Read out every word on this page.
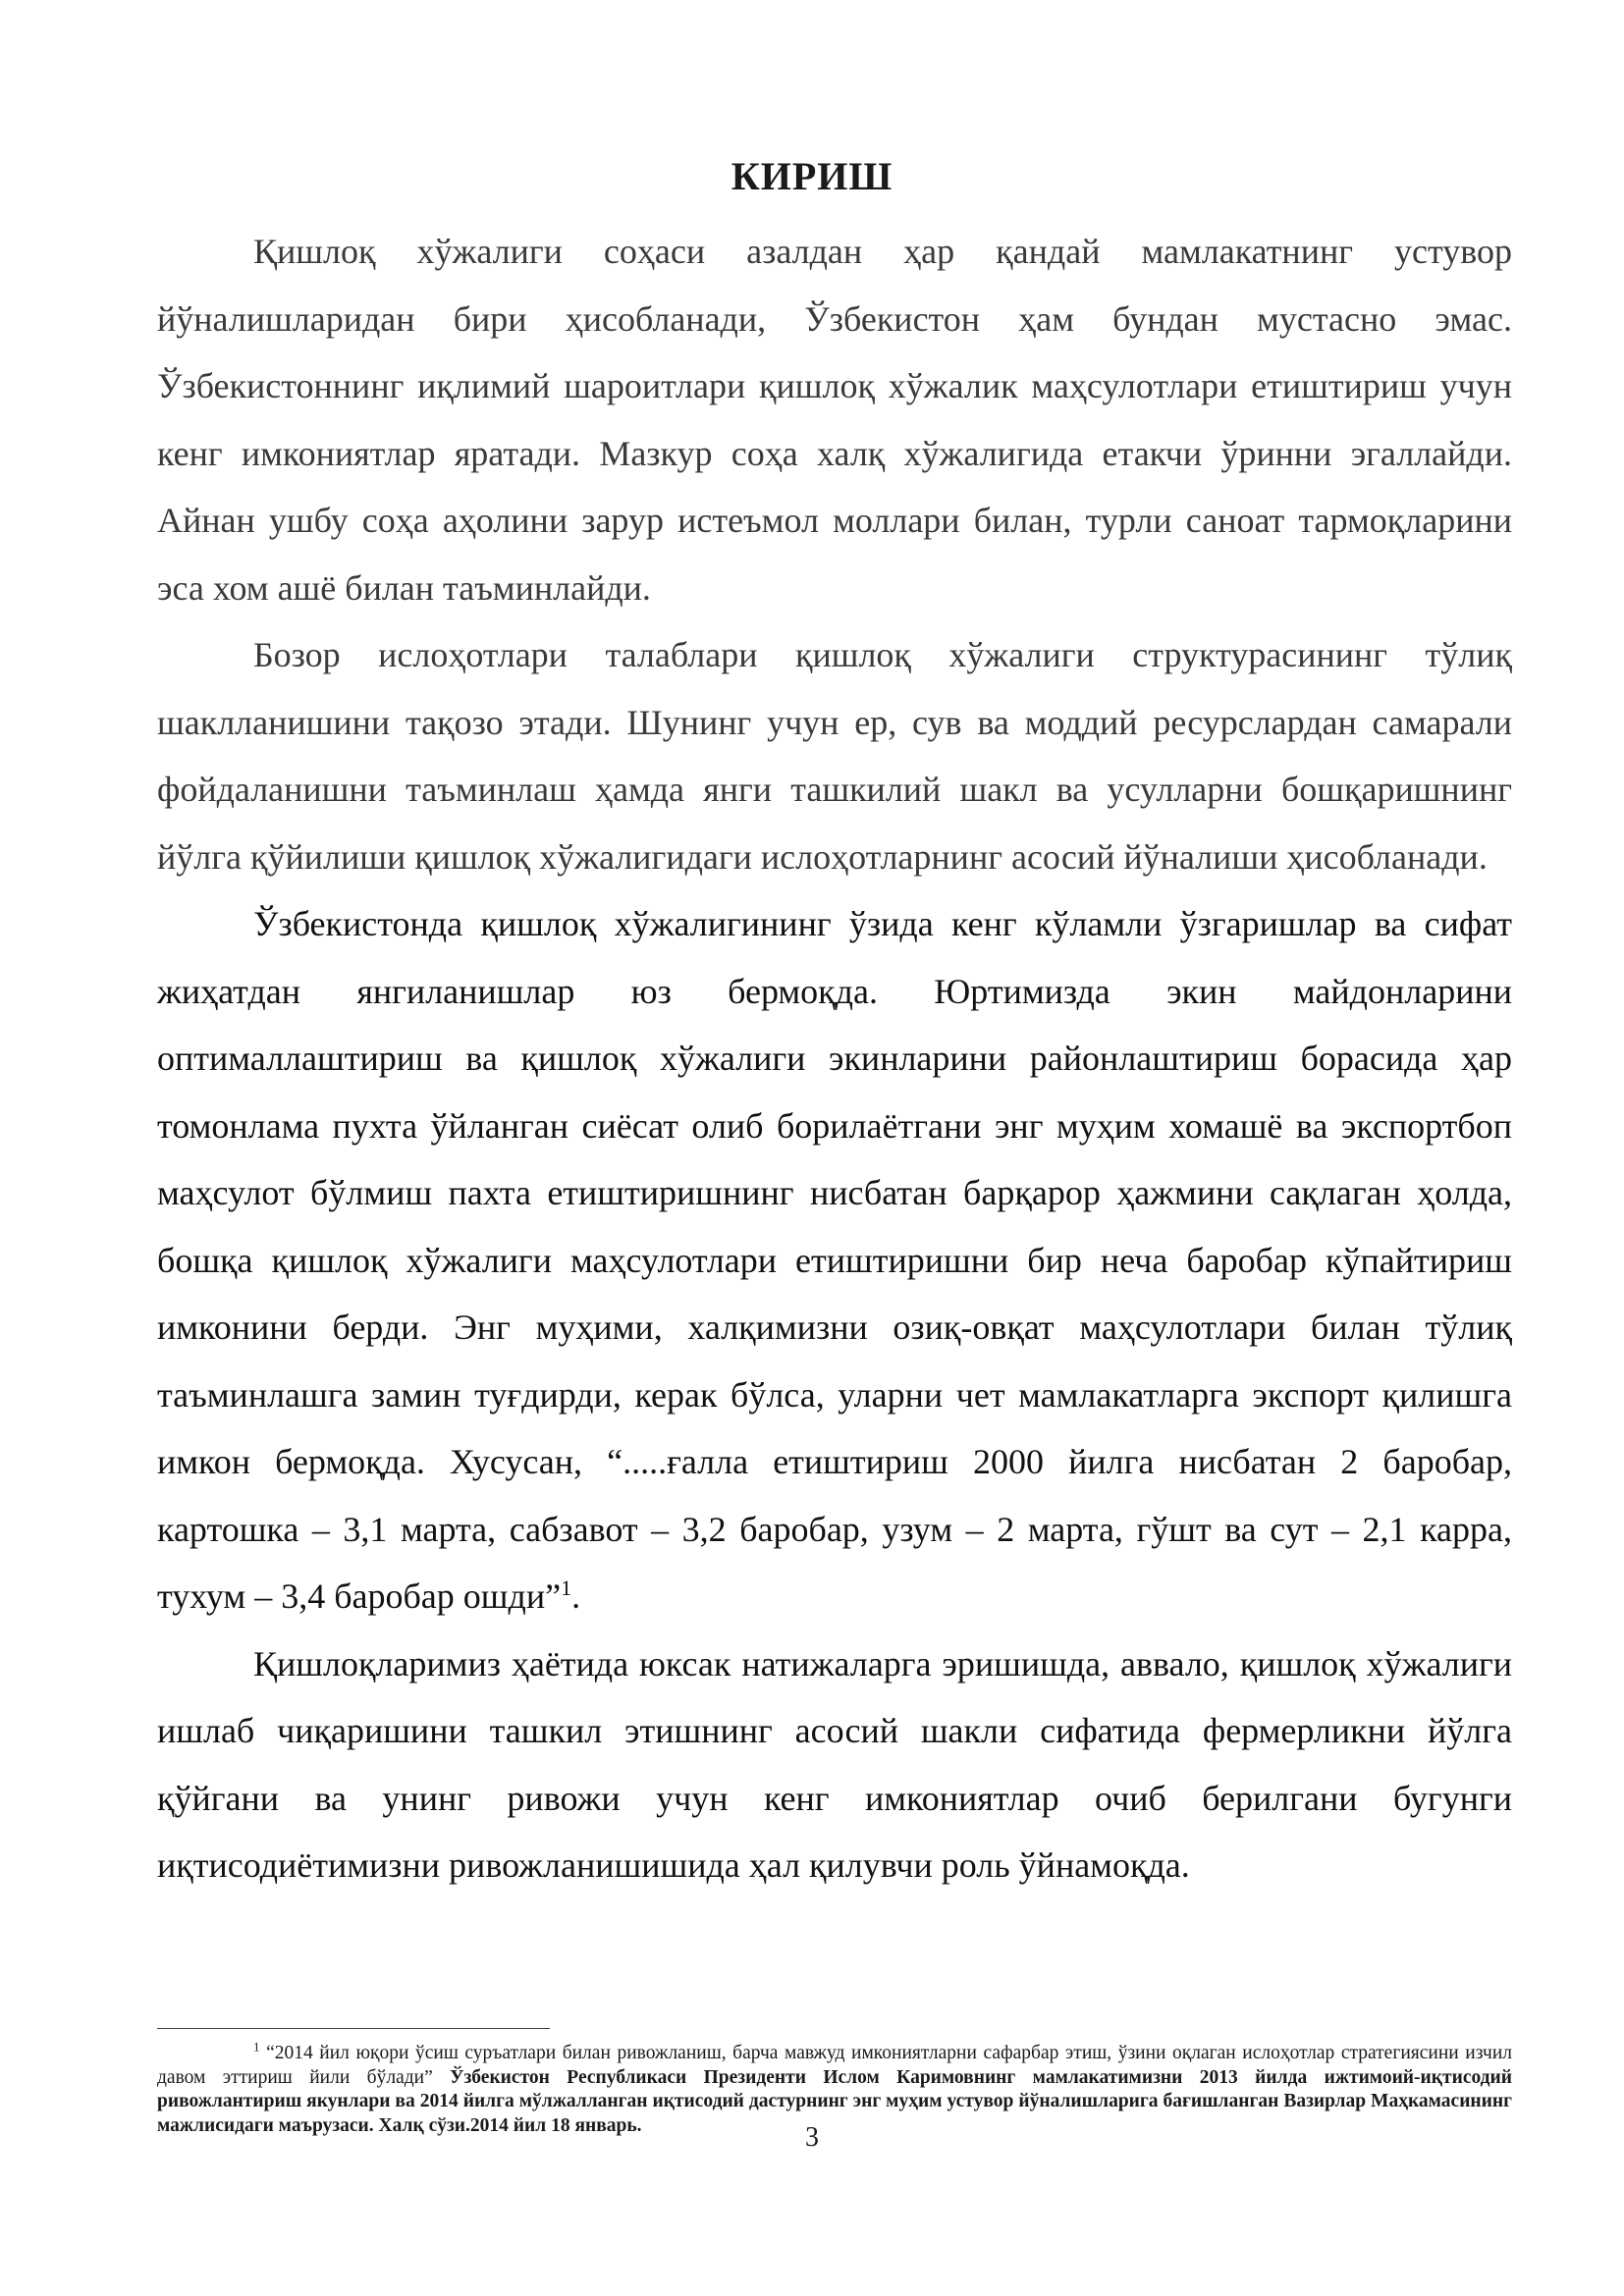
КИРИШ

Қишлоқ хўжалиги соҳаси азалдан ҳар қандай мамлакатнинг устувор йўналишларидан бири ҳисобланади, Ўзбекистон ҳам бундан мустасно эмас. Ўзбекистоннинг иқлимий шароитлари қишлоқ хўжалик маҳсулотлари етиштириш учун кенг имкониятлар яратади. Мазкур соҳа халқ хўжалигида етакчи ўринни эгаллайди. Айнан ушбу соҳа аҳолини зарур истеъмол моллари билан, турли саноат тармоқларини эса хом ашё билан таъминлайди.

Бозор ислоҳотлари талаблари қишлоқ хўжалиги структурасининг тўлиқ шаклланишини тақозо этади. Шунинг учун ер, сув ва моддий ресурслардан самарали фойдаланишни таъминлаш ҳамда янги ташкилий шакл ва усулларни бошқаришнинг йўлга қўйилиши қишлоқ хўжалигидаги ислоҳотларнинг асосий йўналиши ҳисобланади.

Ўзбекистонда қишлоқ хўжалигининг ўзида кенг кўламли ўзгаришлар ва сифат жиҳатдан янгиланишлар юз бермоқда. Юртимизда экин майдонларини оптималлаштириш ва қишлоқ хўжалиги экинларини районлаштириш борасида ҳар томонлама пухта ўйланган сиёсат олиб борилаётгани энг муҳим хомашё ва экспортбоп маҳсулот бўлмиш пахта етиштиришнинг нисбатан барқарор ҳажмини сақлаган ҳолда, бошқа қишлоқ хўжалиги маҳсулотлари етиштиришни бир неча баробар кўпайтириш имконини берди. Энг муҳими, халқимизни озиқ-овқат маҳсулотлари билан тўлиқ таъминлашга замин туғдирди, керак бўлса, уларни чет мамлакатларга экспорт қилишга имкон бермоқда. Хусусан, “.....ғалла етиштириш 2000 йилга нисбатан 2 баробар, картошка – 3,1 марта, сабзавот – 3,2 баробар, узум – 2 марта, гўшт ва сут – 2,1 карра, тухум – 3,4 баробар ошди”$^1$.

Қишлоқларимиз ҳаётида юксак натижаларга эришишда, аввало, қишлоқ хўжалиги ишлаб чиқаришини ташкил этишнинг асосий шакли сифатида фермерликни йўлга қўйгани ва унинг ривожи учун кенг имкониятлар очиб берилгани бугунги иқтисодиётимизни ривожланишишида ҳал қилувчи роль ўйнамоқда.

$^1$ “2014 йил юқори ўсиш суръатлари билан ривожланиш, барча мавжуд имкониятларни сафарбар этиш, ўзини оқлаган ислоҳотлар стратегиясини изчил давом эттириш йили бўлади” Ўзбекистон Республикаси Президенти Ислом Каримовнинг мамлакатимизни 2013 йилда ижтимоий-иқтисодий ривожлантириш якунлари ва 2014 йилга мўлжалланган иқтисодий дастурнинг энг муҳим устувор йўналишларига бағишланган Вазирлар Маҳкамасининг мажлисидаги маърузаси. Халқ сўзи.2014 йил 18 январь.	3
